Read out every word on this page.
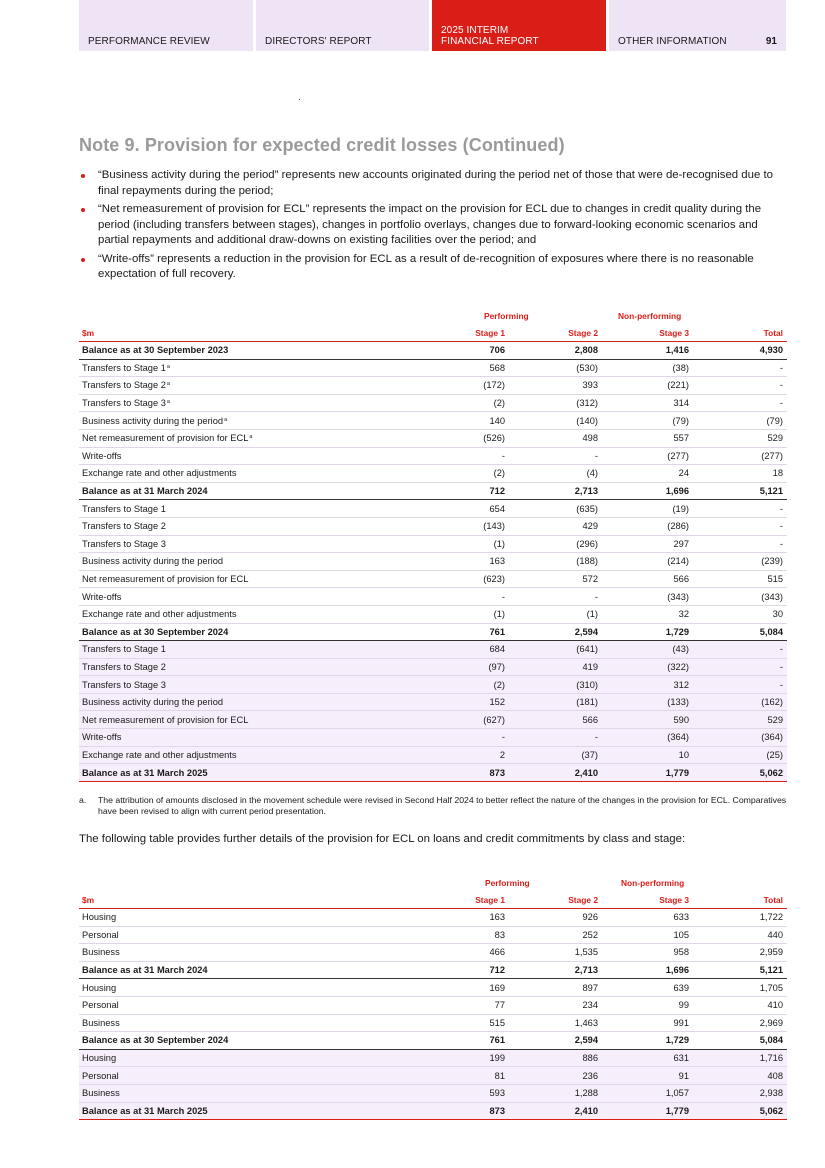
PERFORMANCE REVIEW	DIRECTORS' REPORT
2025 INTERIM
FINANCIAL REPORT	OTHER INFORMATION	91
Note 9. Provision for expected credit losses (Continued)
“Business activity during the period” represents new accounts originated during the period net of those that were de-recognised due to final repayments during the period;
“Net remeasurement of provision for ECL” represents the impact on the provision for ECL due to changes in credit quality during the period (including transfers between stages), changes in portfolio overlays, changes due to forward-looking economic scenarios and partial repayments and additional draw-downs on existing facilities over the period; and
“Write-offs” represents a reduction in the provision for ECL as a result of de-recognition of exposures where there is no reasonable expectation of full recovery.
Performing	Non-performing
$m	Stage 1	Stage 2	Stage 3	Total
Balance as at 30 September 2023	706	2,808	1,416	4,930
Transfers to Stage 1$^a$	568	(530)	(38)	-
Transfers to Stage 2$^a$	(172)	393	(221)	-
Transfers to Stage 3$^a$	(2)	(312)	314	-
Business activity during the period$^a$	140	(140)	(79)	(79)
Net remeasurement of provision for ECL$^a$	(526)	498	557	529
Write-offs	-	-	(277)	(277)
Exchange rate and other adjustments	(2)	(4)	24	18
Balance as at 31 March 2024	712	2,713	1,696	5,121
Transfers to Stage 1	654	(635)	(19)	-
Transfers to Stage 2	(143)	429	(286)	-
Transfers to Stage 3	(1)	(296)	297	-
Business activity during the period	163	(188)	(214)	(239)
Net remeasurement of provision for ECL	(623)	572	566	515
Write-offs	-	-	(343)	(343)
Exchange rate and other adjustments	(1)	(1)	32	30
Balance as at 30 September 2024	761	2,594	1,729	5,084
Transfers to Stage 1	684	(641)	(43)	-
Transfers to Stage 2	(97)	419	(322)	-
Transfers to Stage 3	(2)	(310)	312	-
Business activity during the period	152	(181)	(133)	(162)
Net remeasurement of provision for ECL	(627)	566	590	529
Write-offs	-	-	(364)	(364)
Exchange rate and other adjustments	2	(37)	10	(25)
Balance as at 31 March 2025	873	2,410	1,779	5,062
a.	The attribution of amounts disclosed in the movement schedule were revised in Second Half 2024 to better reflect the nature of the changes in the provision for ECL. Comparatives have been revised to align with current period presentation.

The following table provides further details of the provision for ECL on loans and credit commitments by class and stage:

Performing	Non-performing
$m	Stage 1	Stage 2	Stage 3	Total
Housing	163	926	633	1,722
Personal	83	252	105	440
Business	466	1,535	958	2,959
Balance as at 31 March 2024	712	2,713	1,696	5,121
Housing	169	897	639	1,705
Personal	77	234	99	410
Business	515	1,463	991	2,969
Balance as at 30 September 2024	761	2,594	1,729	5,084
Housing	199	886	631	1,716
Personal	81	236	91	408
Business	593	1,288	1,057	2,938
Balance as at 31 March 2025	873	2,410	1,779	5,062
